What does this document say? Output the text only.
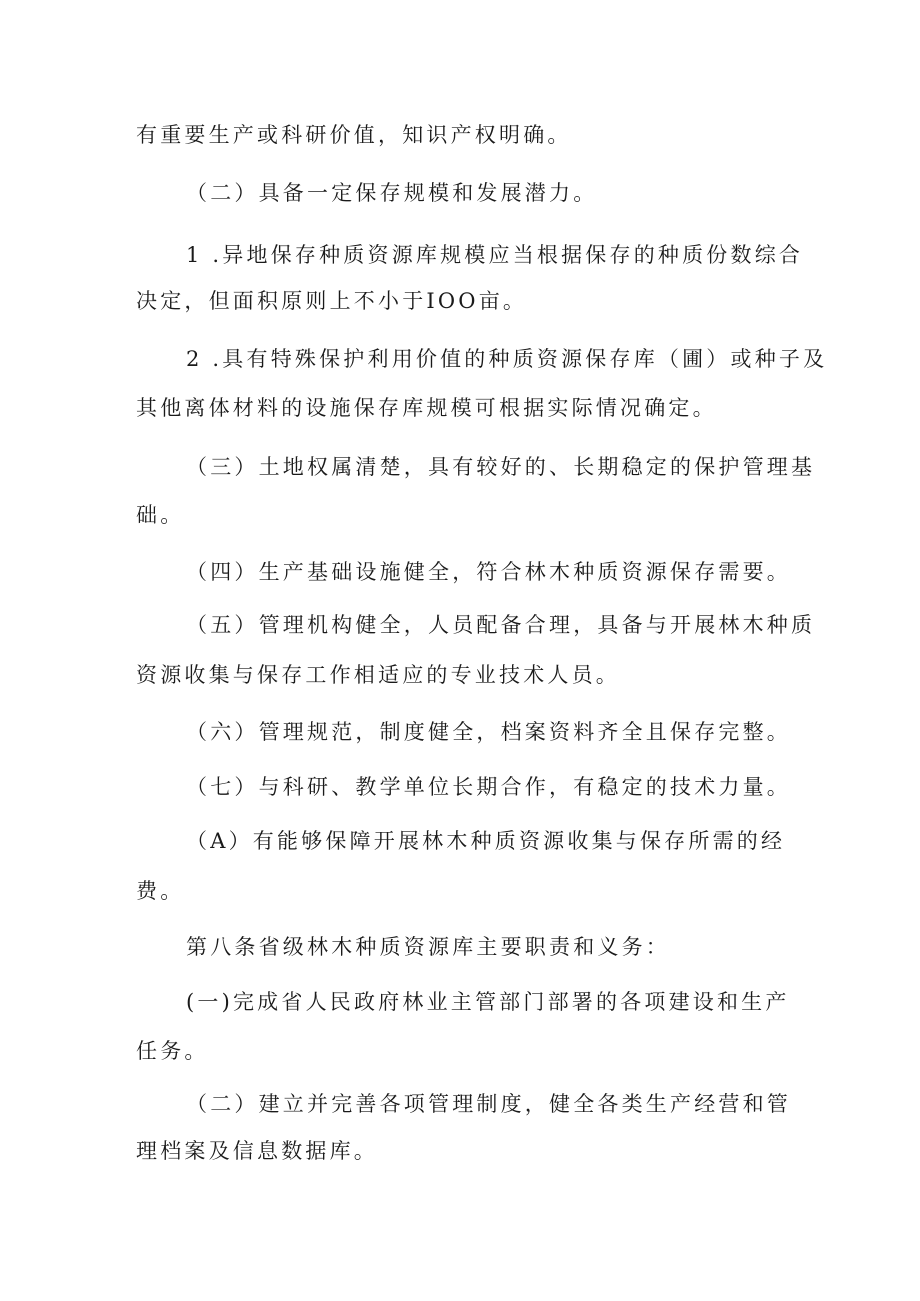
有重要生产或科研价值，知识产权明确。
（二）具备一定保存规模和发展潜力。
1 .异地保存种质资源库规模应当根据保存的种质份数综合
决定，但面积原则上不小于IOO亩。
2 .具有特殊保护利用价值的种质资源保存库（圃）或种子及
其他离体材料的设施保存库规模可根据实际情况确定。
（三）土地权属清楚，具有较好的、长期稳定的保护管理基
础。
（四）生产基础设施健全，符合林木种质资源保存需要。
（五）管理机构健全，人员配备合理，具备与开展林木种质
资源收集与保存工作相适应的专业技术人员。
（六）管理规范，制度健全，档案资料齐全且保存完整。
（七）与科研、教学单位长期合作，有稳定的技术力量。
（A）有能够保障开展林木种质资源收集与保存所需的经
费。
第八条省级林木种质资源库主要职责和义务：
(一)完成省人民政府林业主管部门部署的各项建设和生产
任务。
（二）建立并完善各项管理制度，健全各类生产经营和管
理档案及信息数据库。
